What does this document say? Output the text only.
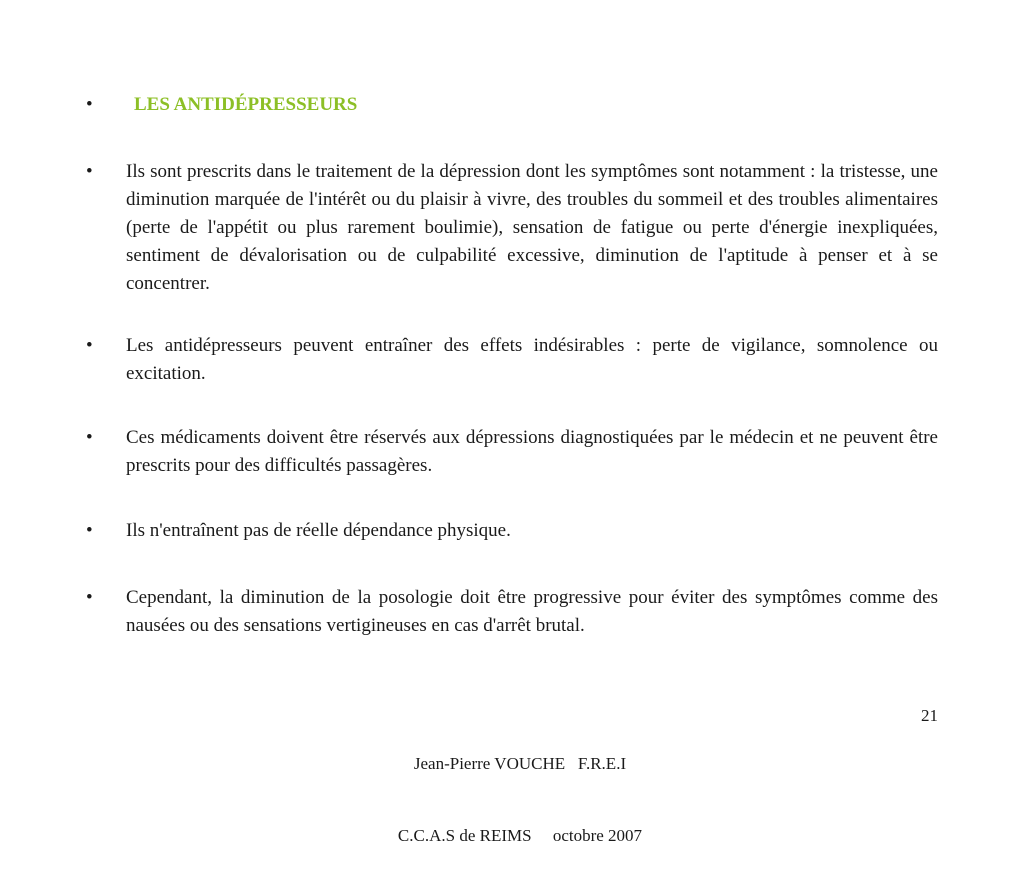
•	LES ANTIDÉPRESSEURS
•	Ils sont prescrits dans le traitement de la dépression dont les symptômes sont notamment : la tristesse, une diminution marquée de l'intérêt ou du plaisir à vivre, des troubles du sommeil et des troubles alimentaires (perte de l'appétit ou plus rarement boulimie), sensation de fatigue ou perte d'énergie inexpliquées, sentiment de dévalorisation ou de culpabilité excessive, diminution de l'aptitude à penser et à se concentrer.
•	Les antidépresseurs peuvent entraîner des effets indésirables : perte de vigilance, somnolence ou excitation.
•	Ces médicaments doivent être réservés aux dépressions diagnostiquées par le médecin et ne peuvent être prescrits pour des difficultés passagères.
•	Ils n'entraînent pas de réelle dépendance physique.
•	Cependant, la diminution de la posologie doit être progressive pour éviter des symptômes comme des nausées ou des sensations vertigineuses en cas d'arrêt brutal.

Jean-Pierre VOUCHE   F.R.E.I

C.C.A.S de REIMS     octobre 2007

21
